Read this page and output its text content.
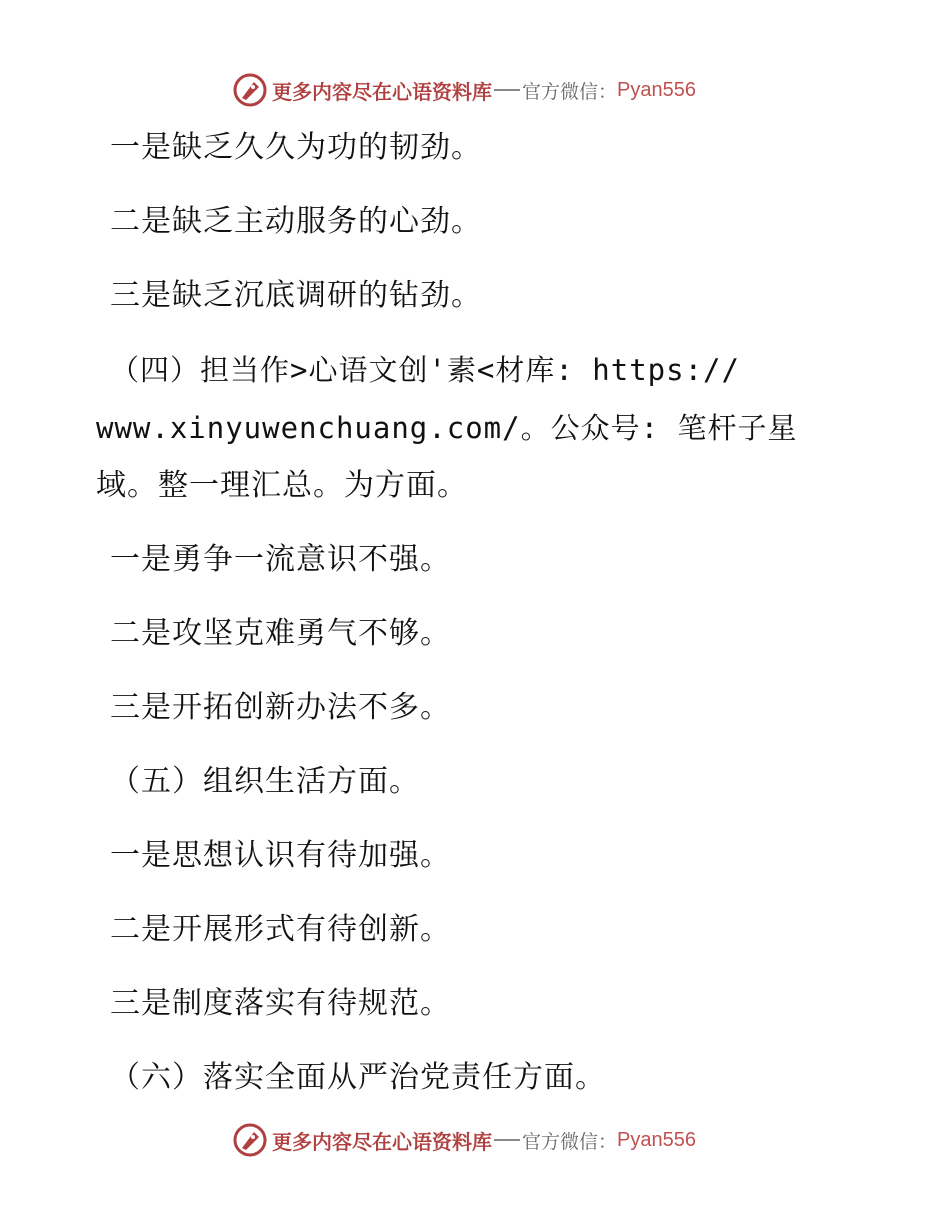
更多内容尽在心语资料库 官方微信： Pyan556
一是缺乏久久为功的韧劲。
二是缺乏主动服务的心劲。
三是缺乏沉底调研的钻劲。
（四）担当作>心语文创'素<材库: https://
www.xinyuwenchuang.com/。公众号: 笔杆子星
域。整一理汇总。为方面。
一是勇争一流意识不强。
二是攻坚克难勇气不够。
三是开拓创新办法不多。
（五）组织生活方面。
一是思想认识有待加强。
二是开展形式有待创新。
三是制度落实有待规范。
（六）落实全面从严治党责任方面。
更多内容尽在心语资料库 官方微信： Pyan556
